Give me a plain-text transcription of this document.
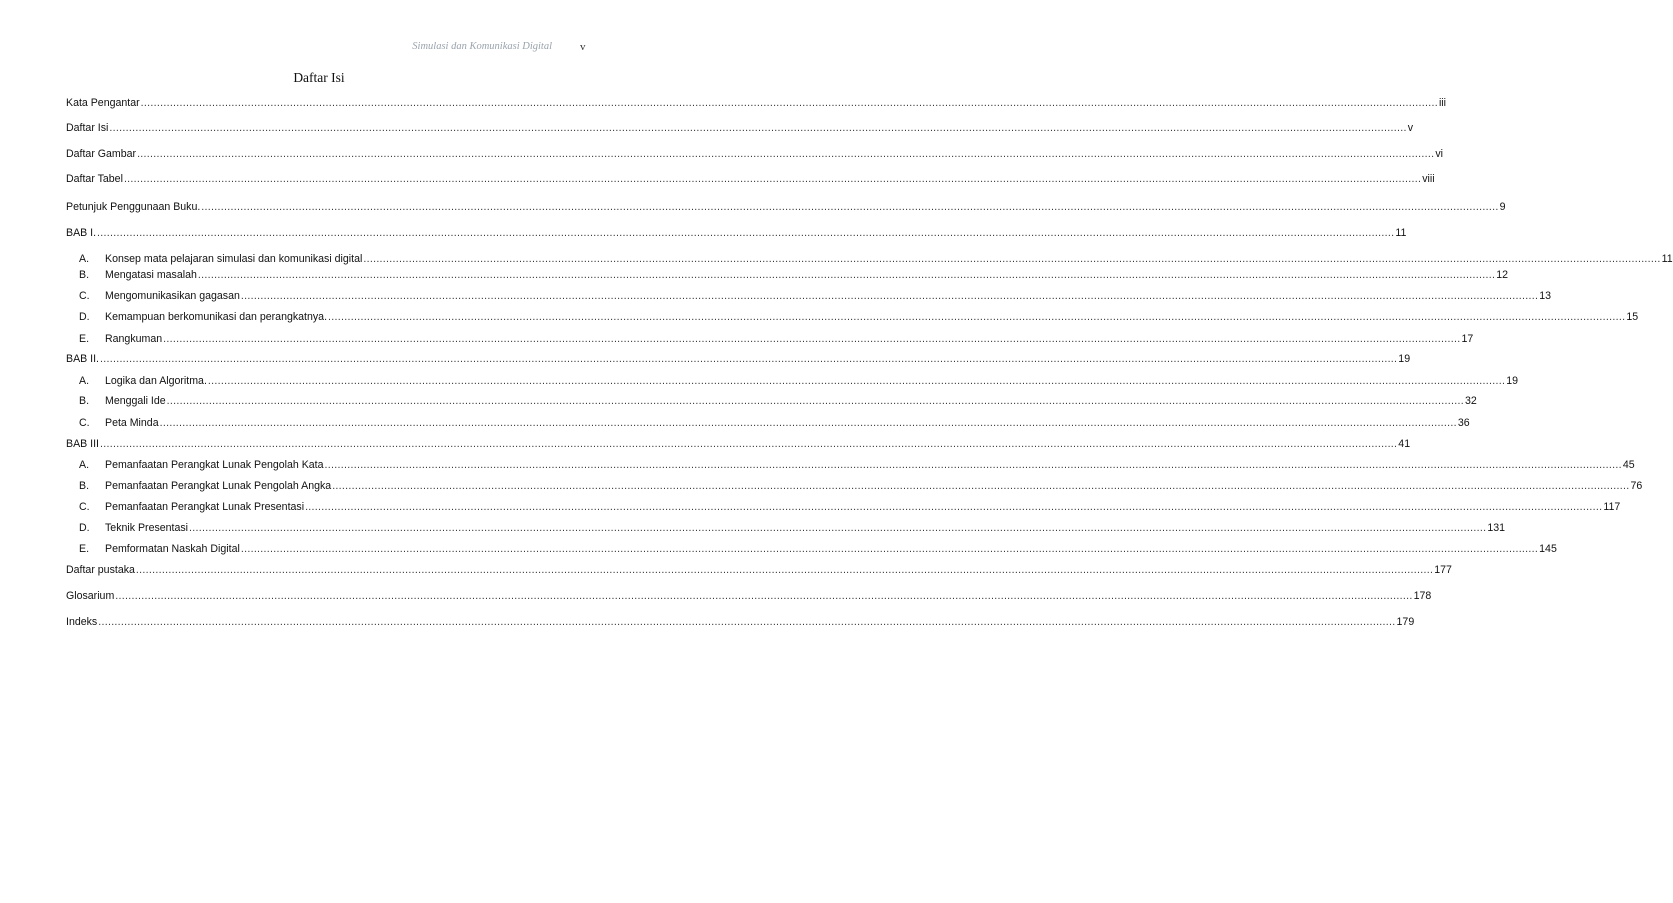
Simulasi dan Komunikasi Digital	v
Daftar Isi
Kata Pengantar ................................................................................................................................................................................................................................................................................................................................................................................................................ iii
Daftar Isi ................................................................................................................................................................................................................................................................................................................................................................................................................ v
Daftar Gambar ................................................................................................................................................................................................................................................................................................................................................................................................................ vi
Daftar Tabel ................................................................................................................................................................................................................................................................................................................................................................................................................ viii
Petunjuk Penggunaan Buku. ................................................................................................................................................................................................................................................................................................................................................................................................................ 9
BAB I. ................................................................................................................................................................................................................................................................................................................................................................................................................ 11
A.	Konsep mata pelajaran simulasi dan komunikasi digital ................................................................................................................................................................................................................................................................................................................................................................................................................ 11
B.	Mengatasi masalah ................................................................................................................................................................................................................................................................................................................................................................................................................ 12
C.	Mengomunikasikan gagasan ................................................................................................................................................................................................................................................................................................................................................................................................................ 13
D.	Kemampuan berkomunikasi dan perangkatnya. ................................................................................................................................................................................................................................................................................................................................................................................................................ 15
E.	Rangkuman ................................................................................................................................................................................................................................................................................................................................................................................................................ 17
BAB II. ................................................................................................................................................................................................................................................................................................................................................................................................................ 19
A.	Logika dan Algoritma. ................................................................................................................................................................................................................................................................................................................................................................................................................ 19
B.	Menggali Ide ................................................................................................................................................................................................................................................................................................................................................................................................................ 32
C.	Peta Minda ................................................................................................................................................................................................................................................................................................................................................................................................................ 36
BAB III ................................................................................................................................................................................................................................................................................................................................................................................................................ 41
A.	Pemanfaatan Perangkat Lunak Pengolah Kata ................................................................................................................................................................................................................................................................................................................................................................................................................ 45
B.	Pemanfaatan Perangkat Lunak Pengolah Angka ................................................................................................................................................................................................................................................................................................................................................................................................................ 76
C.	Pemanfaatan Perangkat Lunak Presentasi ................................................................................................................................................................................................................................................................................................................................................................................................................ 117
D.	Teknik Presentasi ................................................................................................................................................................................................................................................................................................................................................................................................................ 131
E.	Pemformatan Naskah Digital ................................................................................................................................................................................................................................................................................................................................................................................................................ 145
Daftar pustaka ................................................................................................................................................................................................................................................................................................................................................................................................................ 177
Glosarium ................................................................................................................................................................................................................................................................................................................................................................................................................ 178
Indeks ................................................................................................................................................................................................................................................................................................................................................................................................................ 179
